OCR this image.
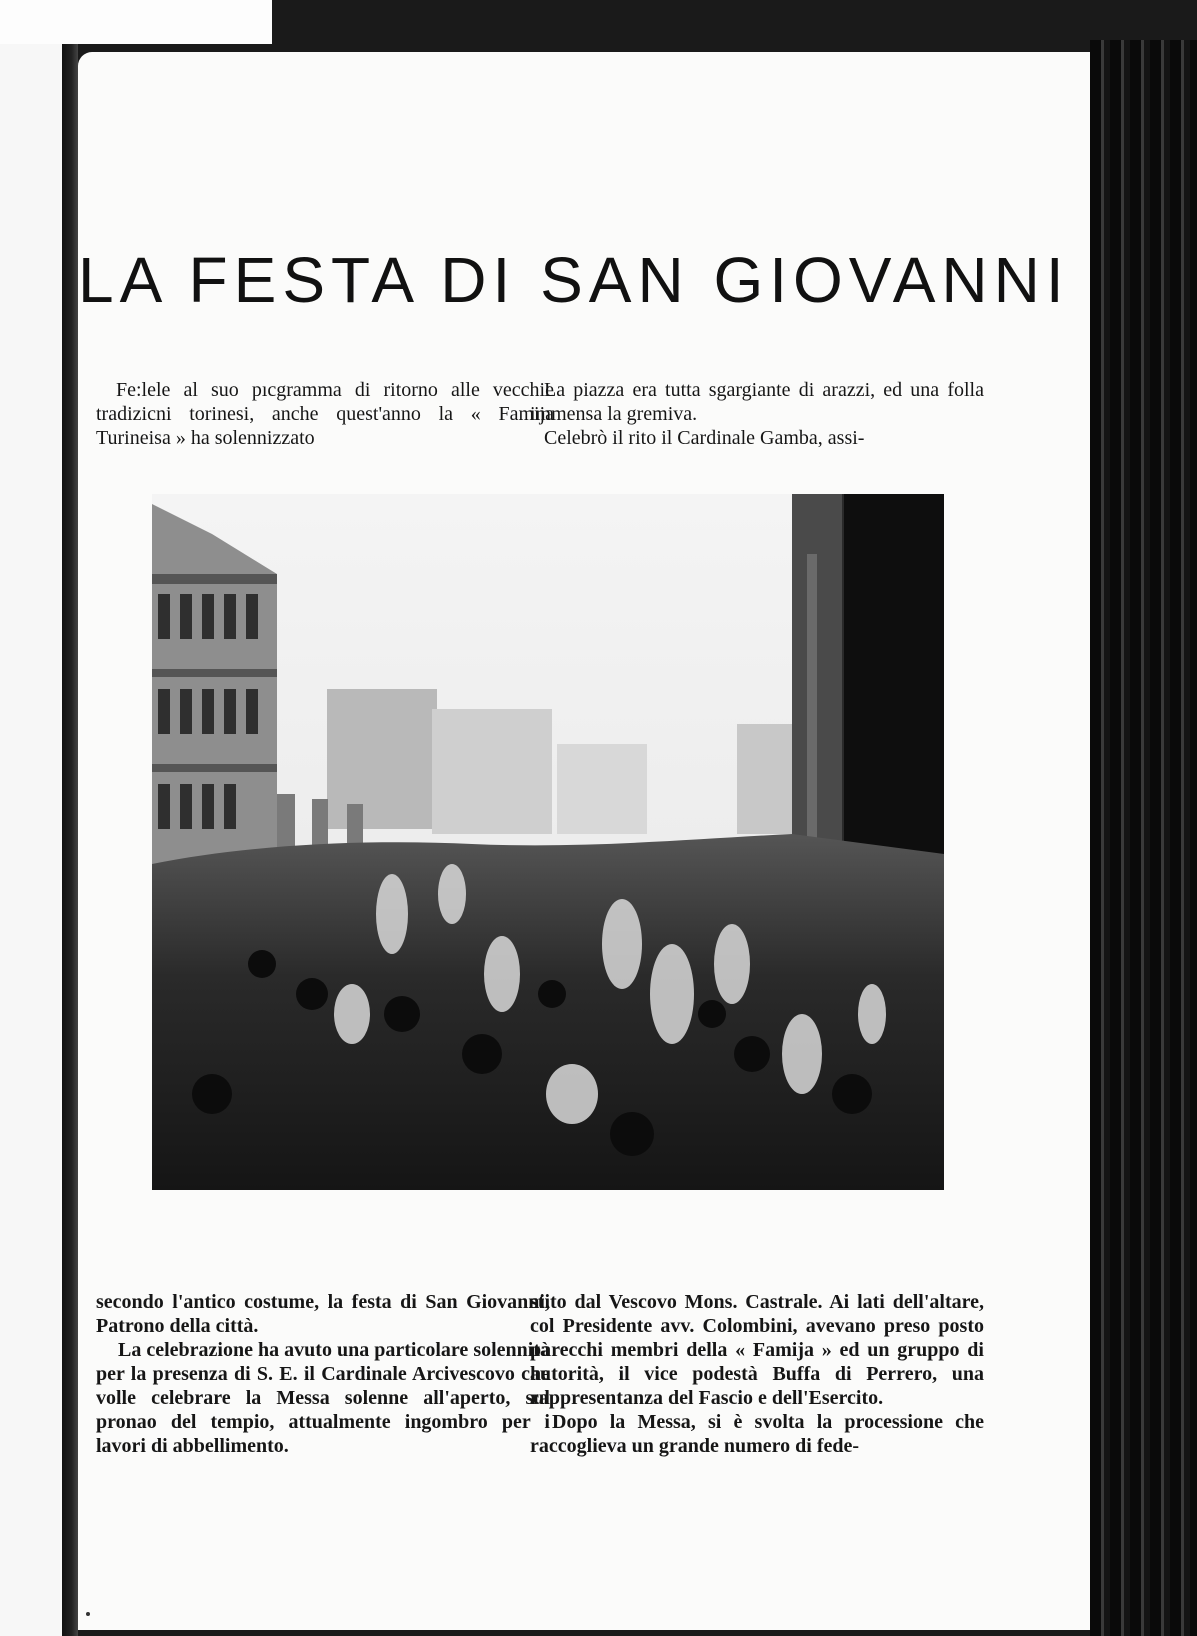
LA FESTA DI SAN GIOVANNI

Fe:lele al suo pıcgramma di ritorno alle vecchie tradizicni torinesi, anche quest'anno la « Famija Turineisa » ha solennizzato

La piazza era tutta sgargiante di arazzi, ed una folla immensa la gremiva.

Celebrò il rito il Cardinale Gamba, assi-

secondo l'antico costume, la festa di San Giovanni, Patrono della città.

La celebrazione ha avuto una particolare solennità per la presenza di S. E. il Cardinale Arcivescovo che volle celebrare la Messa solenne all'aperto, sul pronao del tempio, attualmente ingombro per i lavori di abbellimento.

stito dal Vescovo Mons. Castrale. Ai lati dell'altare, col Presidente avv. Colombini, avevano preso posto parecchi membri della « Famija » ed un gruppo di autorità, il vice podestà Buffa di Perrero, una rappresentanza del Fascio e dell'Esercito.

Dopo la Messa, si è svolta la processione che raccoglieva un grande numero di fede-
